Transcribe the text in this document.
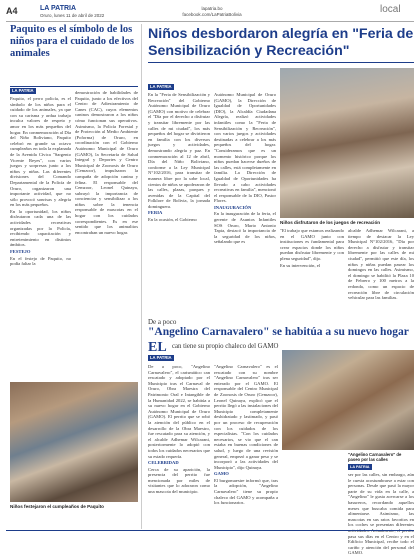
A4	LA PATRIA
Oruro, lunes 11 de abril de 2022
lapatria.bo
facebook.com/LaPatriaBolivia	local
Paquito es el símbolo de los niños para el cuidado de los animales
LA PATRIA

Paquito, el perro policía, es el símbolo de los niños para el cuidado de los animales, ya que con su carisma y ardua trabajo inculca valores de respeto y amor en los más pequeños del hogar. En conmemoración al Día del Niño Boliviano, Paquito celebró en grande su octavo cumpleaños en toda la explanada de la Avenida Cívica "Sargento Vicente Reyes", con varios juegos y sorpresas junto a los niños y niñas. Las diferentes divisiones del Comando Departamental de la Policía de Oruro, organizaron una importante actividad, que no sólo provocó sonrisas y alegría en los más pequeños.

En la oportunidad, los niños disfrutaron cada una de las actividades recreativas organizadas por la Policía, recibiendo capacitación y entretenimiento en distintos ámbitos.

FESTEJO

En el festejo de Paquito, no podía faltar la

demostración de habilidades de Paquito, junto a los efectivos del Centro de Adiestramiento de Canes (CAC), cuyos elementos caninos demostraron a los niños cómo funcionan sus operativos. Asimismo, la Policía Forestal y de Protección al Medio Ambiente (Poforma) de Oruro, en coordinación con el Gobierno Autónomo Municipal de Oruro (GAMO), la Secretaría de Salud Integral y Deportes y Centro Municipal de Zoonosis de Oruro (Cemzoor), impulsaron la campaña de adopción canina y felina. El responsable del Cemzoor, Leonel Quinaya, subrayó la importancia de concienciar y sensibilizar a los niños sobre la tenencia responsable de mascotas en el hogar con los cuidados correspondientes. Es en ese sentido que los animalitos encontraban un nuevo hogar.

Niños festejaron el cumpleaños de Paquito
Niños desbordaron alegría en "Feria de Sensibilización y Recreación"
LA PATRIA

En la "Feria de Sensibilización y Recreación" del Gobierno Autónomo Municipal de Oruro (GAMO) con motivo de celebrar el "Día por el derecho a disfrutar y transitar libremente por las calles de mi ciudad", los más pequeños del hogar se divirtieron en familia con los diversos juegos y actividades, demostrando alegría y paz. En conmemoración al 12 de abril, Día del Niño Boliviano, conforme a la Ley Municipal N°102/2016, para transitar de manera libre por la urbe local, cientos de niños se apoderaron de las calles, plazas, parques y avenidas de la Capital del Folklore de Bolivia, la jornada dominguera.

FERIA

En la ocasión, el Gobierno

Autónomo Municipal de Oruro (GAMO), la Dirección de Igualdad de Oportunidades (DIO), la Alcaldía Ciudadana Alegría, realizó actividades infantiles como la "Feria de Sensibilización y Recreación", con varios juegos y actividades destinadas a celebrar a los más pequeños del hogar. "Consideramos que es un momento histórico porque los niños puedan hacerse dueños de las calles, está completamente en familia. La Dirección de Igualdad de Oportunidades ha llevado a cabo actividades recreativas en familia", mencionó el responsable de la DIO, Pastor Flores.

INAUGURACIÓN

En la inauguración de la feria, el gerente de Asuntos Infantiles SOS Oruro, Mario Antonio Tapia, destacó la importancia de la seguridad de los niños, señalando que es

Niños disfrutaron de los juegos de recreación

"El trabajo que estamos realizando en el GAMO junto con instituciones es fundamental para crear espacios donde los niños puedan disfrutar libremente y con plena seguridad", dijo.

En su intervención, el

alcalde Adhemar Wilcarani, a tiempo de destacar la Ley Municipal N°102/2016, "Día por derecho a disfrutar y transitar libremente por las calles de mi ciudad", permitió que este día, los niños y niñas puedan pasear los domingos en las calles. Asimismo, el domingo se habilitó la Plaza 10 de Febrero y 100 metros a la redonda, como un espacio de recreación libre de circulación vehicular para las familias.

De a poco
"Angelino Carnavalero" se habitúa a su nuevo hogar
EL can tiene su propio chaleco del GAMO
LA PATRIA

De a poco, "Angelino Carnavalero", el carismático can rescatado y adoptado por el Municipio tras el Carnaval de Oruro, Obra Maestra del Patrimonio Oral e Intangible de la Humanidad 2022, se habitúa a su nuevo hogar en el Gobierno Autónomo Municipal de Oruro (GAMO). El perrito que se robó la atención del público en el desarrollo de la Obra Maestro, fue rescatado para su atención, y el alcalde Adhemar Wilcarani, posteriormente lo adoptó con todos los cuidados necesarios que su estado requería.

CELEBRIDAD

Cerca de su aparición, la presencia del perrito fue mencionada por miles de visitantes que lo adoraron como una mascota del municipio.

"Angelino Carnavalero" es el rescatado con su nombre "Angelino Carnavalero" tras ser enterado por el GAMO. El responsable del Centro Municipal de Zoonosis de Oruro (Cemzoor), Leonel Quinaya, explicó que el perrito llegó a las instalaciones del Municipio completamente deshidratado y lastimado, y pasó por un proceso de recuperación con los cuidados de los especialistas. "Con los cuidados necesarios, se vio que el can estaba en buenas condiciones de salud, y luego de una revisión general, empezó a ganar peso y se incorporó a las actividades del Municipio", dijo Quinaya.

GAMO

El burgomaestre informó que, tras la adopción, "Angelino Carnavalero" tiene su propio chaleco del GAMO y acompaña a los funcionarios.

"Angelino Carnavalero" de paseo por las calles
LA PATRIA

ser por las calles, sin embargo, aún le cuesta acostumbrarse a estar con personas. Desde que pasó la mayor parte de su vida en la calle, a "Angelino" le gusta acercarse a los basureros, recordando aquellos meses que buscaba comida para alimentarse. Asimismo, las mascotas en sus ratos favoritos en los coches se presentan diferentes pasa sus días en el Centro y en el Edificio Municipal, recibe todo el cariño y atención del personal del GAMO.
